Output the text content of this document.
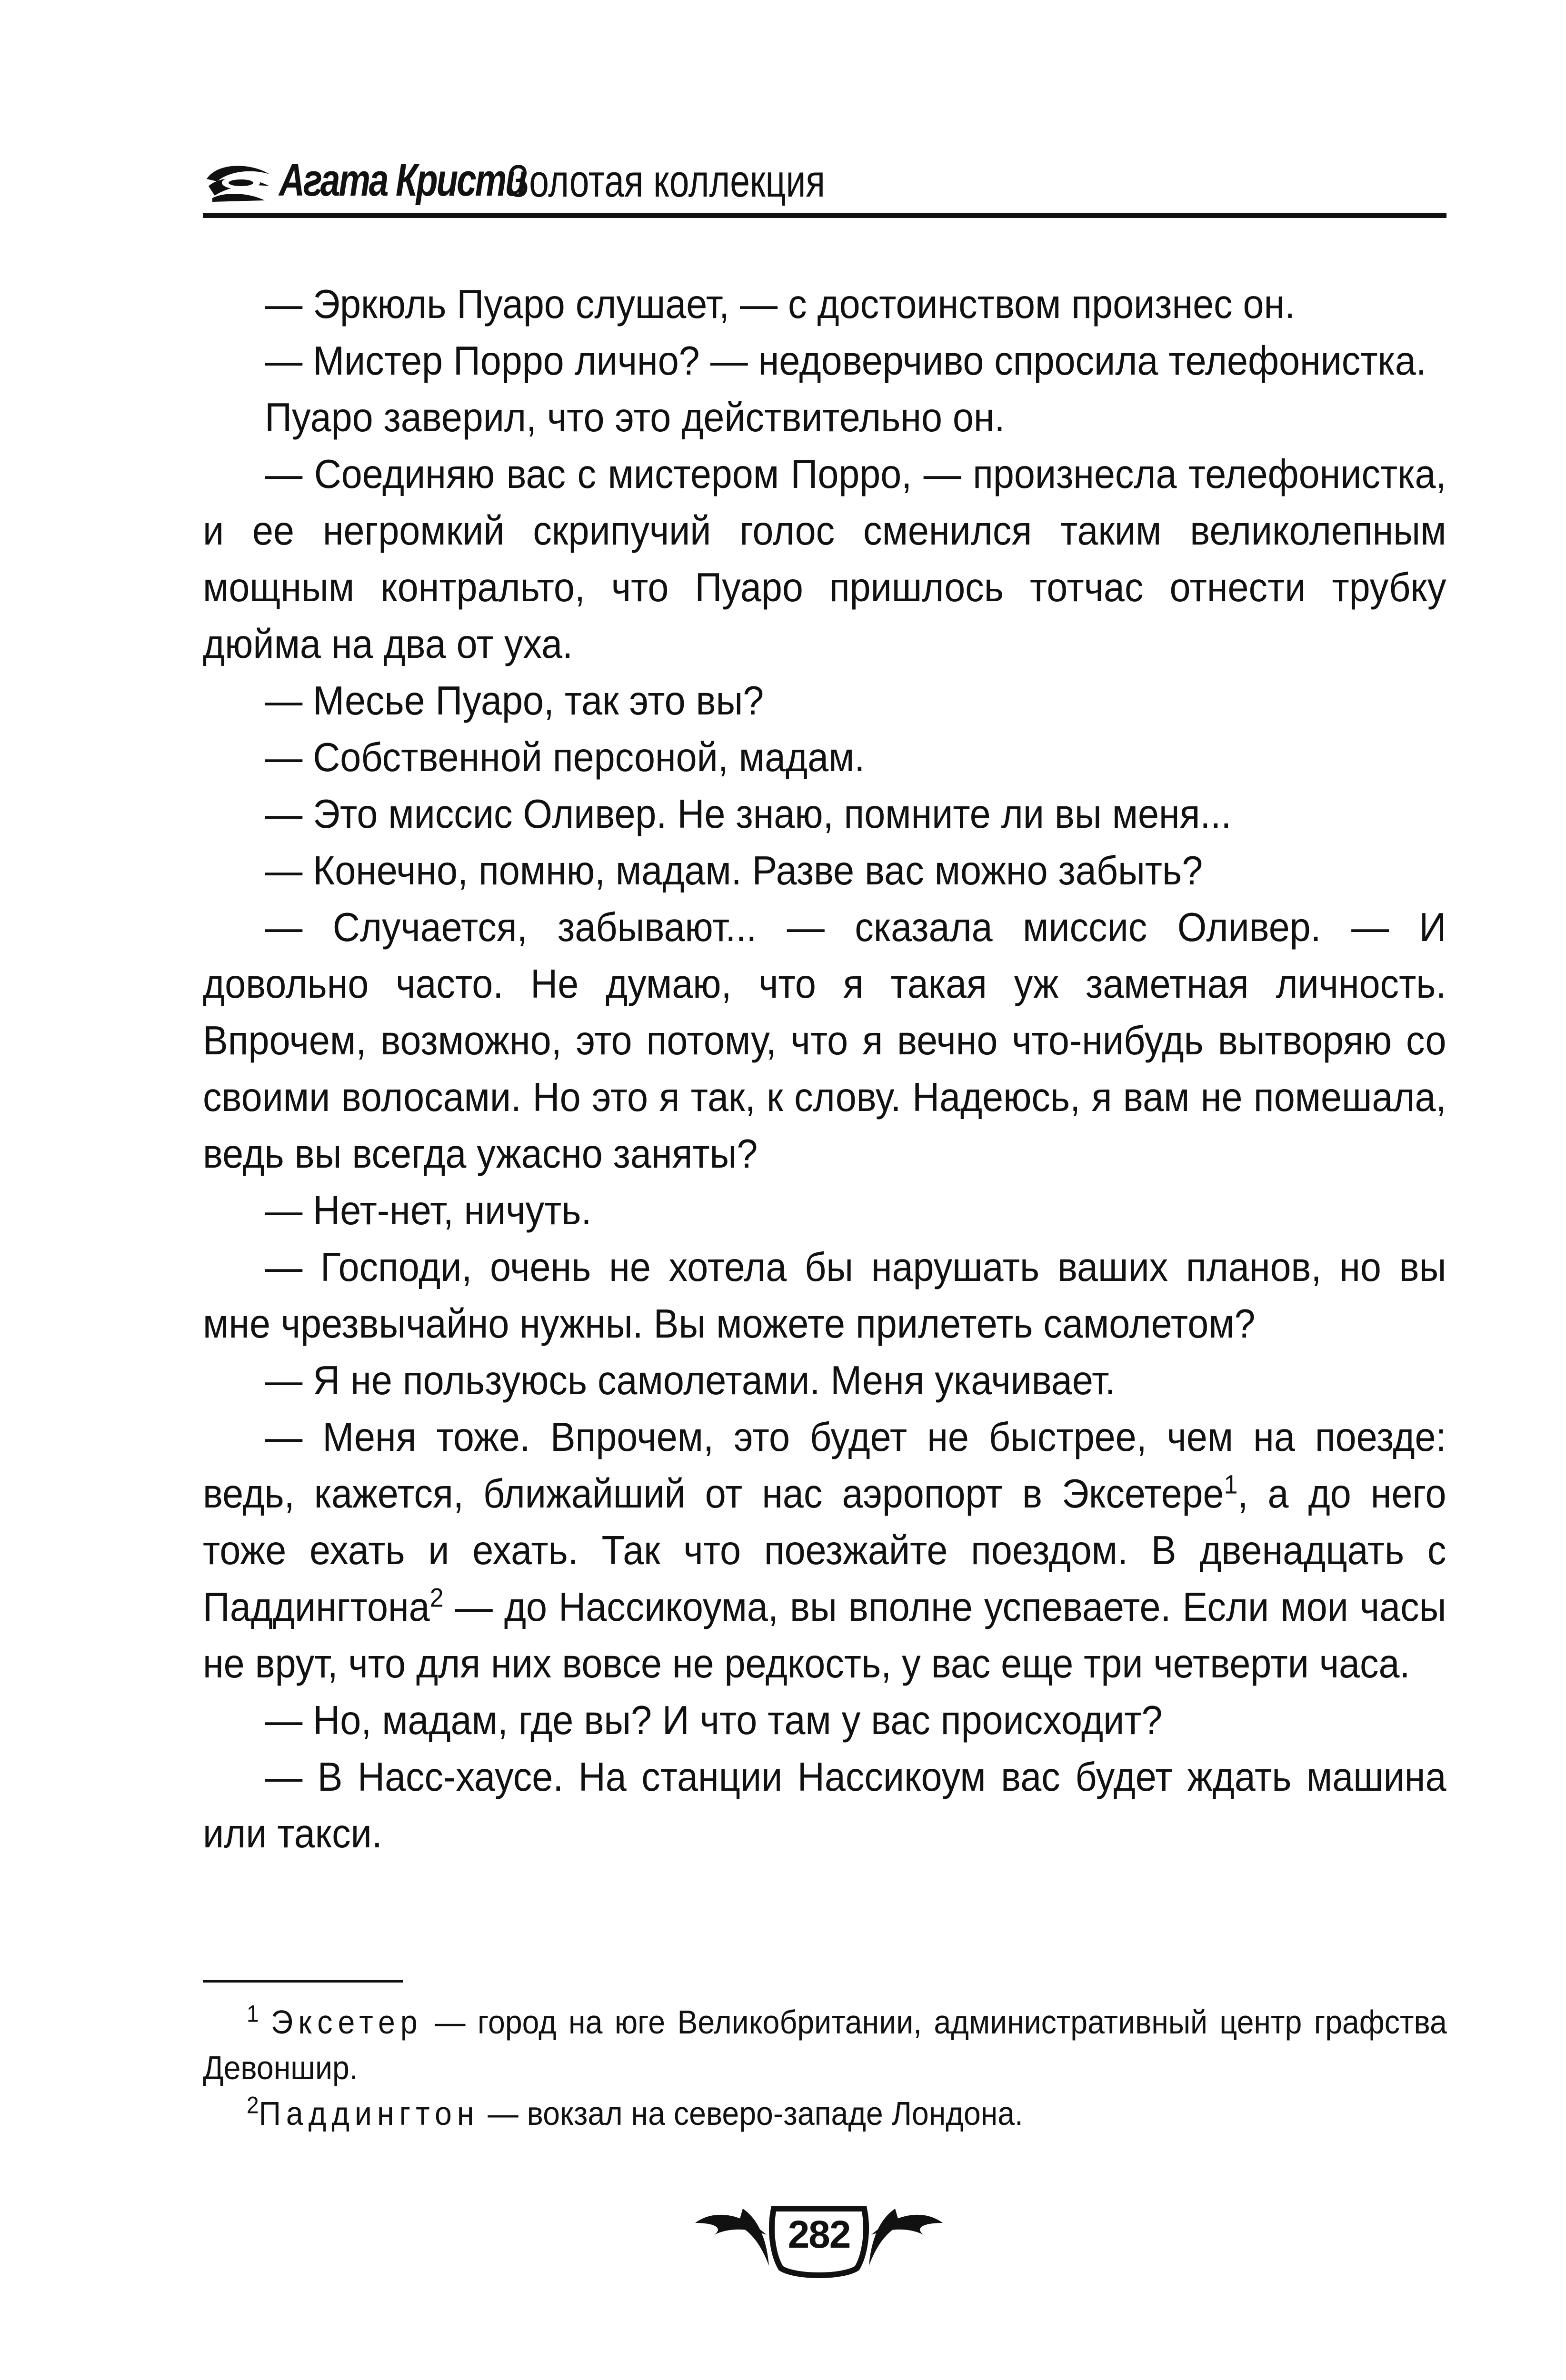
Агата Кристи
Золотая коллекция

— Эркюль Пуаро слушает, — с достоинством произнес он.

— Мистер Порро лично? — недоверчиво спросила телефонистка.

Пуаро заверил, что это действительно он.

— Соединяю вас с мистером Порро, — произнесла телефонистка, и ее негромкий скрипучий голос сменился таким великолепным мощным контральто, что Пуаро пришлось тотчас отнести трубку дюйма на два от уха.

— Месье Пуаро, так это вы?

— Собственной персоной, мадам.

— Это миссис Оливер. Не знаю, помните ли вы меня...

— Конечно, помню, мадам. Разве вас можно забыть?

— Случается, забывают... — сказала миссис Оливер. — И довольно часто. Не думаю, что я такая уж заметная личность. Впрочем, возможно, это потому, что я вечно что-нибудь вытворяю со своими волосами. Но это я так, к слову. Надеюсь, я вам не помешала, ведь вы всегда ужасно заняты?

— Нет-нет, ничуть.

— Господи, очень не хотела бы нарушать ваших планов, но вы мне чрезвычайно нужны. Вы можете прилететь самолетом?

— Я не пользуюсь самолетами. Меня укачивает.

— Меня тоже. Впрочем, это будет не быстрее, чем на поезде: ведь, кажется, ближайший от нас аэропорт в Эксетере$^1$, а до него тоже ехать и ехать. Так что поезжайте поездом. В двенадцать с Паддингтона$^2$ — до Нассикоума, вы вполне успеваете. Если мои часы не врут, что для них вовсе не редкость, у вас еще три четверти часа.

— Но, мадам, где вы? И что там у вас происходит?

— В Насс-хаусе. На станции Нассикоум вас будет ждать машина или такси.

$^1$ Эксетер — город на юге Великобритании, административный центр графства Девоншир.

$^2$Паддингтон — вокзал на северо-западе Лондона.

282
